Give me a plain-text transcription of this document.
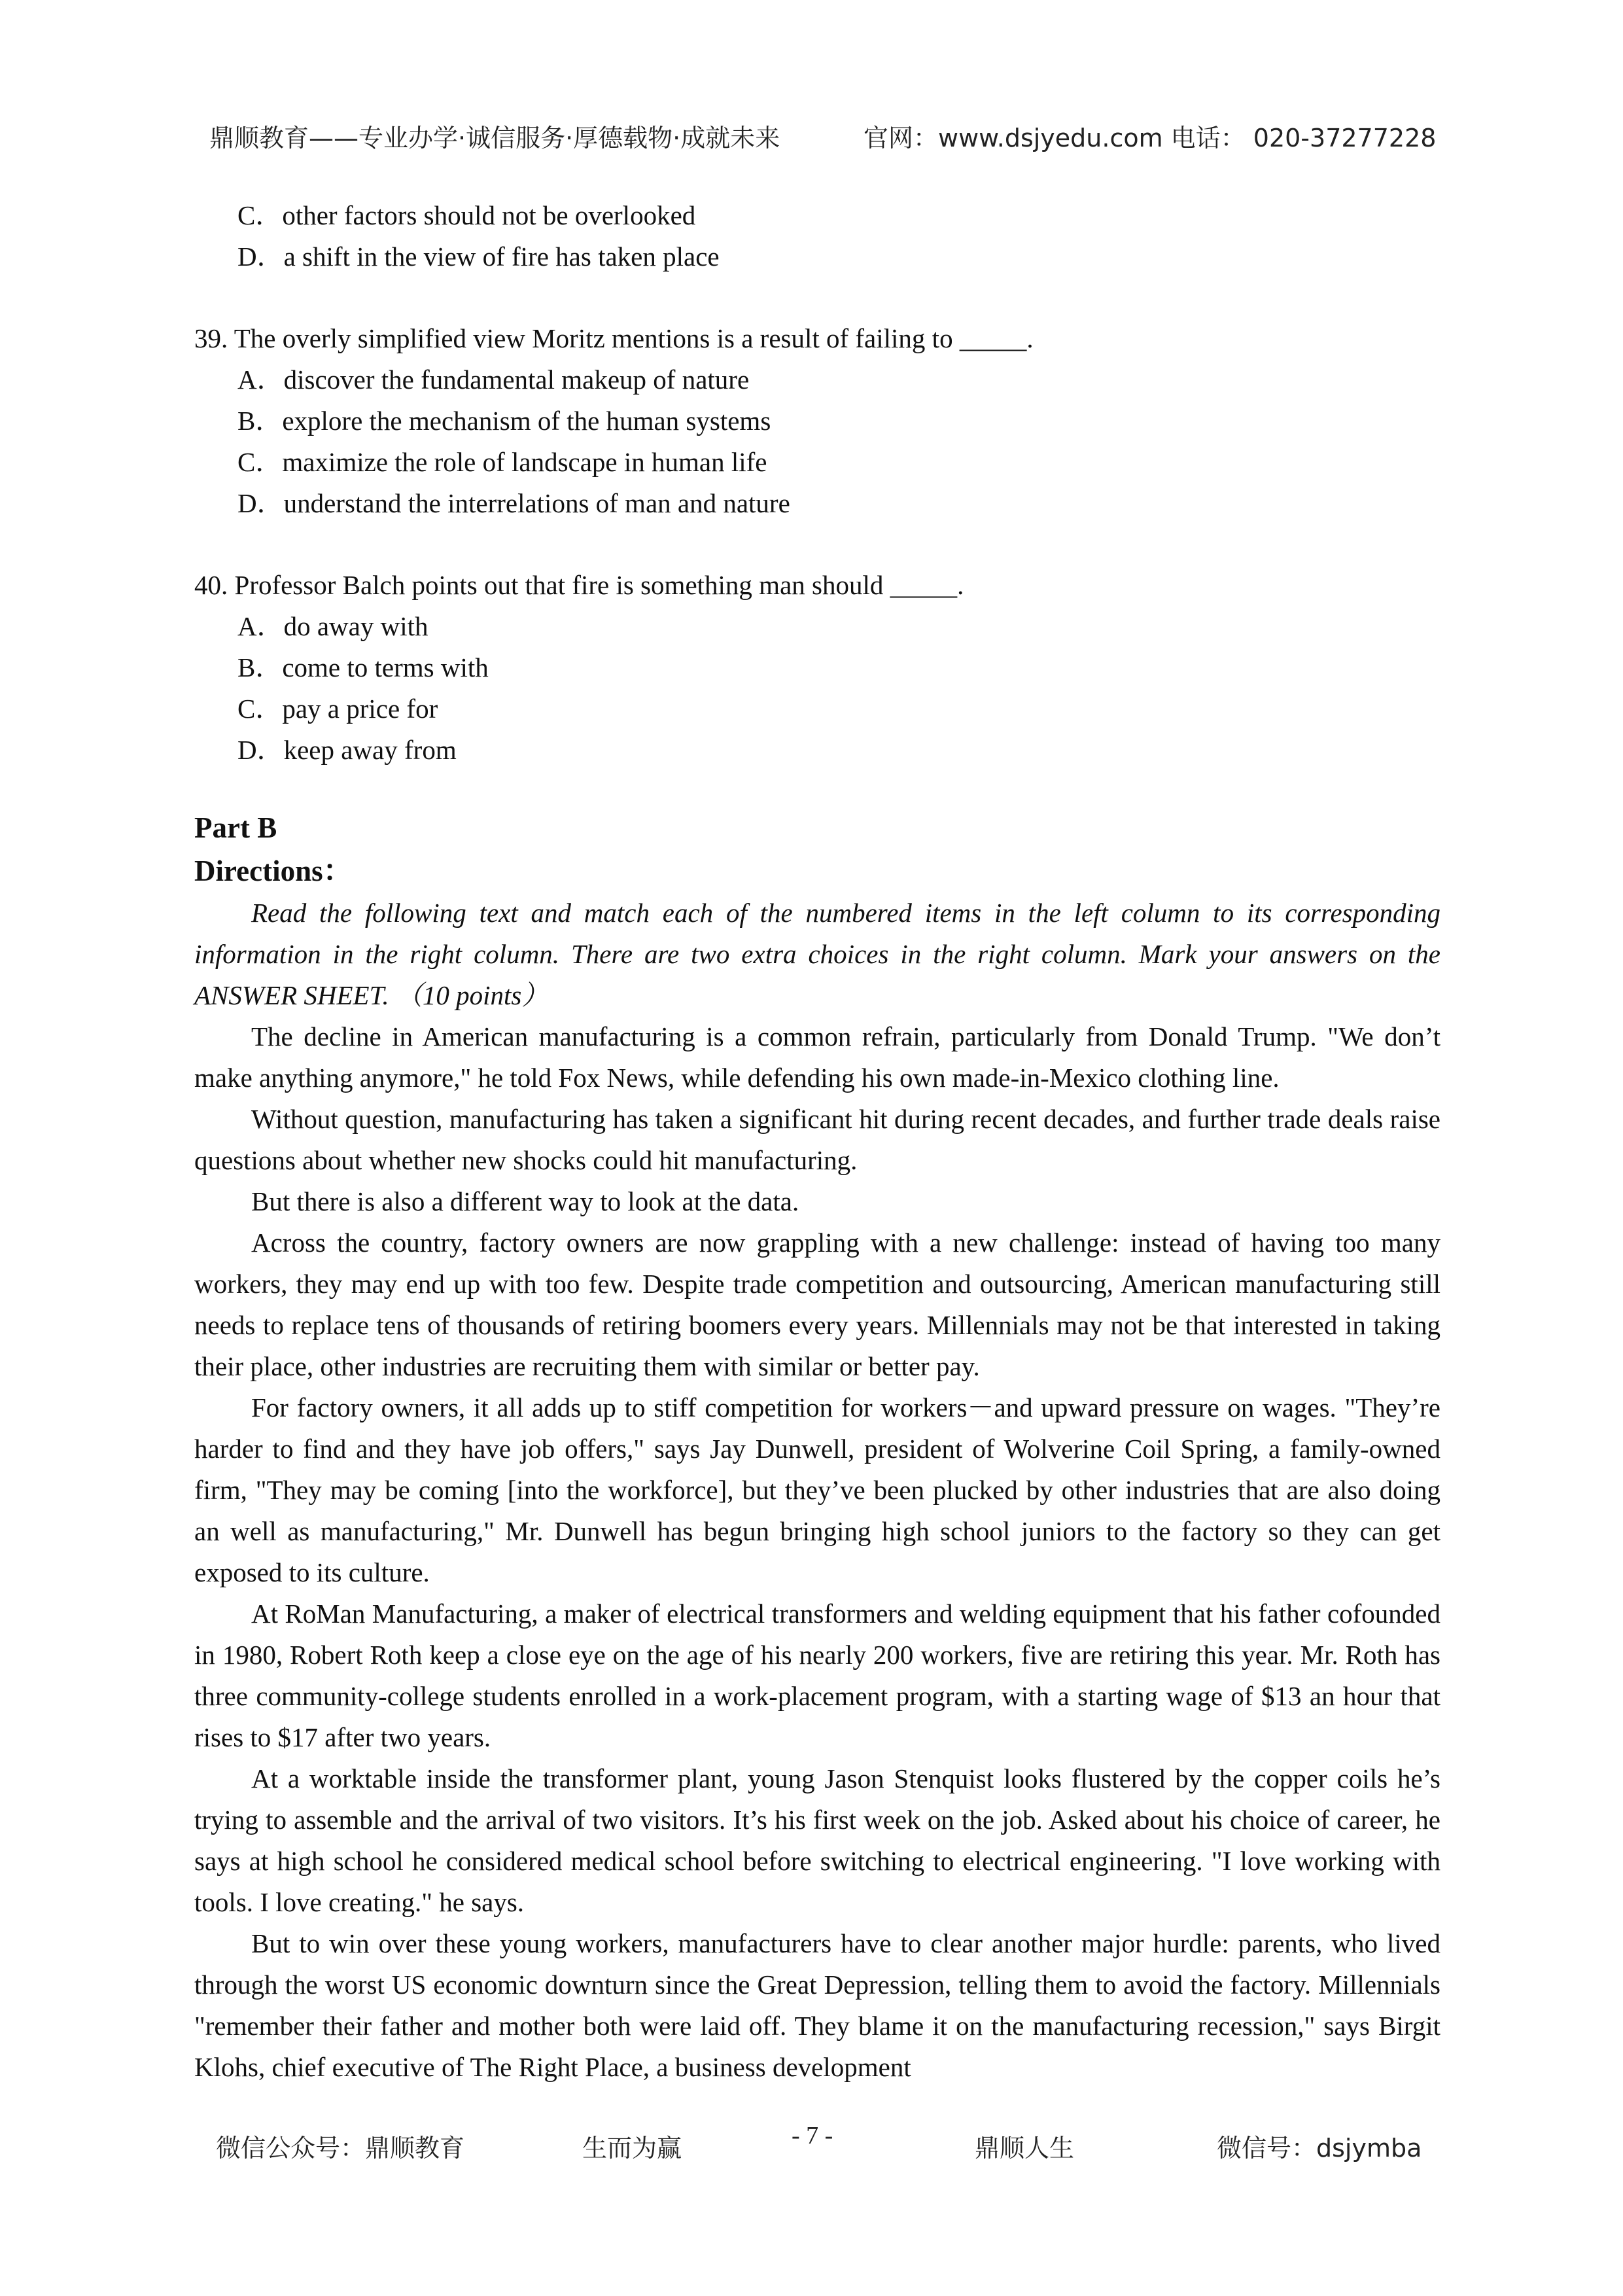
鼎顺教育——专业办学·诚信服务·厚德载物·成就未来	官网：www.dsjyedu.com 电话： 020-37277228
C．other factors should not be overlooked
D．a shift in the view of fire has taken place
39. The overly simplified view Moritz mentions is a result of failing to _____.
A．discover the fundamental makeup of nature
B．explore the mechanism of the human systems
C．maximize the role of landscape in human life
D．understand the interrelations of man and nature
40. Professor Balch points out that fire is something man should _____.
A．do away with
B．come to terms with
C．pay a price for
D．keep away from
Part B
Directions：

Read the following text and match each of the numbered items in the left column to its corresponding information in the right column. There are two extra choices in the right column. Mark your answers on the ANSWER SHEET. （10 points）

The decline in American manufacturing is a common refrain, particularly from Donald Trump. "We don’t make anything anymore," he told Fox News, while defending his own made-in-Mexico clothing line.

Without question, manufacturing has taken a significant hit during recent decades, and further trade deals raise questions about whether new shocks could hit manufacturing.

But there is also a different way to look at the data.

Across the country, factory owners are now grappling with a new challenge: instead of having too many workers, they may end up with too few. Despite trade competition and outsourcing, American manufacturing still needs to replace tens of thousands of retiring boomers every years. Millennials may not be that interested in taking their place, other industries are recruiting them with similar or better pay.

For factory owners, it all adds up to stiff competition for workers－and upward pressure on wages. "They’re harder to find and they have job offers," says Jay Dunwell, president of Wolverine Coil Spring, a family-owned firm, "They may be coming [into the workforce], but they’ve been plucked by other industries that are also doing an well as manufacturing," Mr. Dunwell has begun bringing high school juniors to the factory so they can get exposed to its culture.

At RoMan Manufacturing, a maker of electrical transformers and welding equipment that his father cofounded in 1980, Robert Roth keep a close eye on the age of his nearly 200 workers, five are retiring this year. Mr. Roth has three community-college students enrolled in a work-placement program, with a starting wage of $13 an hour that rises to $17 after two years.

At a worktable inside the transformer plant, young Jason Stenquist looks flustered by the copper coils he’s trying to assemble and the arrival of two visitors. It’s his first week on the job. Asked about his choice of career, he says at high school he considered medical school before switching to electrical engineering. "I love working with tools. I love creating." he says.

But to win over these young workers, manufacturers have to clear another major hurdle: parents, who lived through the worst US economic downturn since the Great Depression, telling them to avoid the factory. Millennials "remember their father and mother both were laid off. They blame it on the manufacturing recession," says Birgit Klohs, chief executive of The Right Place, a business development

微信公众号：鼎顺教育	生而为赢	- 7 -	鼎顺人生	微信号：dsjymba
